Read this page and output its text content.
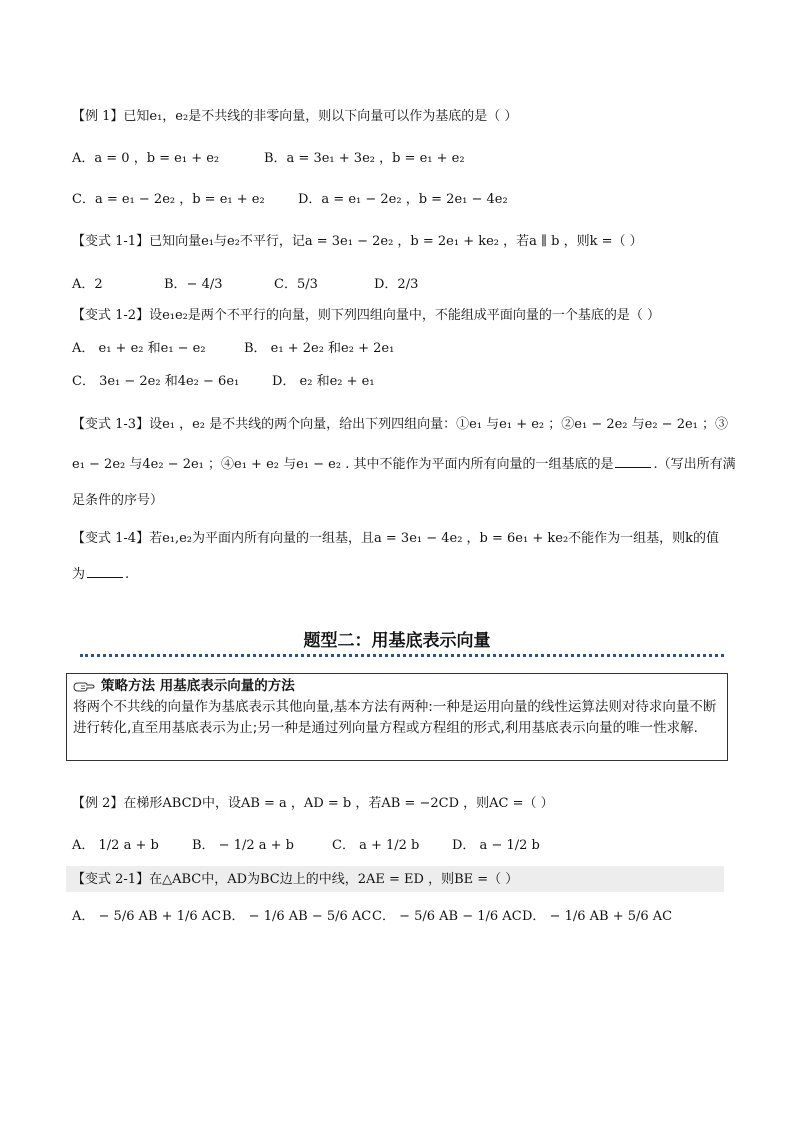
【例 1】已知e₁，e₂是不共线的非零向量，则以下向量可以作为基底的是（ ）
A．a = 0 ，b = e₁ + e₂	B．a = 3e₁ + 3e₂ ，b = e₁ + e₂
C．a = e₁ − 2e₂ ，b = e₁ + e₂	D．a = e₁ − 2e₂ ，b = 2e₁ − 4e₂
【变式 1-1】已知向量e₁与e₂不平行，记a = 3e₁ − 2e₂ ，b = 2e₁ + ke₂ ，若a ∥ b ，则k =（ ）
A．2	B．− 4/3	C．5/3	D．2/3
【变式 1-2】设e₁e₂是两个不平行的向量，则下列四组向量中，不能组成平面向量的一个基底的是（ ）
A． e₁ + e₂ 和e₁ − e₂	B． e₁ + 2e₂ 和e₂ + 2e₁
C． 3e₁ − 2e₂ 和4e₂ − 6e₁	D． e₂ 和e₂ + e₁
【变式 1-3】设e₁ ，e₂ 是不共线的两个向量，给出下列四组向量：①e₁ 与e₁ + e₂ ；②e₁ − 2e₂ 与e₂ − 2e₁ ；③
e₁ − 2e₂ 与4e₂ − 2e₁ ；④e₁ + e₂ 与e₁ − e₂ . 其中不能作为平面内所有向量的一组基底的是	.（写出所有满
足条件的序号）
【变式 1-4】若e₁,e₂为平面内所有向量的一组基，且a = 3e₁ − 4e₂ ，b = 6e₁ + ke₂不能作为一组基，则k的值
为	.
题型二：用基底表示向量
策略方法 用基底表示向量的方法
将两个不共线的向量作为基底表示其他向量,基本方法有两种:一种是运用向量的线性运算法则对待求向量不断进行转化,直至用基底表示为止;另一种是通过列向量方程或方程组的形式,利用基底表示向量的唯一性求解.
【例 2】在梯形ABCD中，设AB = a ，AD = b ，若AB = −2CD ，则AC =（ ）
A． 1/2 a + b	B． − 1/2 a + b	C． a + 1/2 b	D． a − 1/2 b
【变式 2-1】在△ABC中，AD为BC边上的中线，2AE = ED ，则BE =（ ）
A． − 5/6 AB + 1/6 AC B． − 1/6 AB − 5/6 AC C． − 5/6 AB − 1/6 AC D． − 1/6 AB + 5/6 AC
